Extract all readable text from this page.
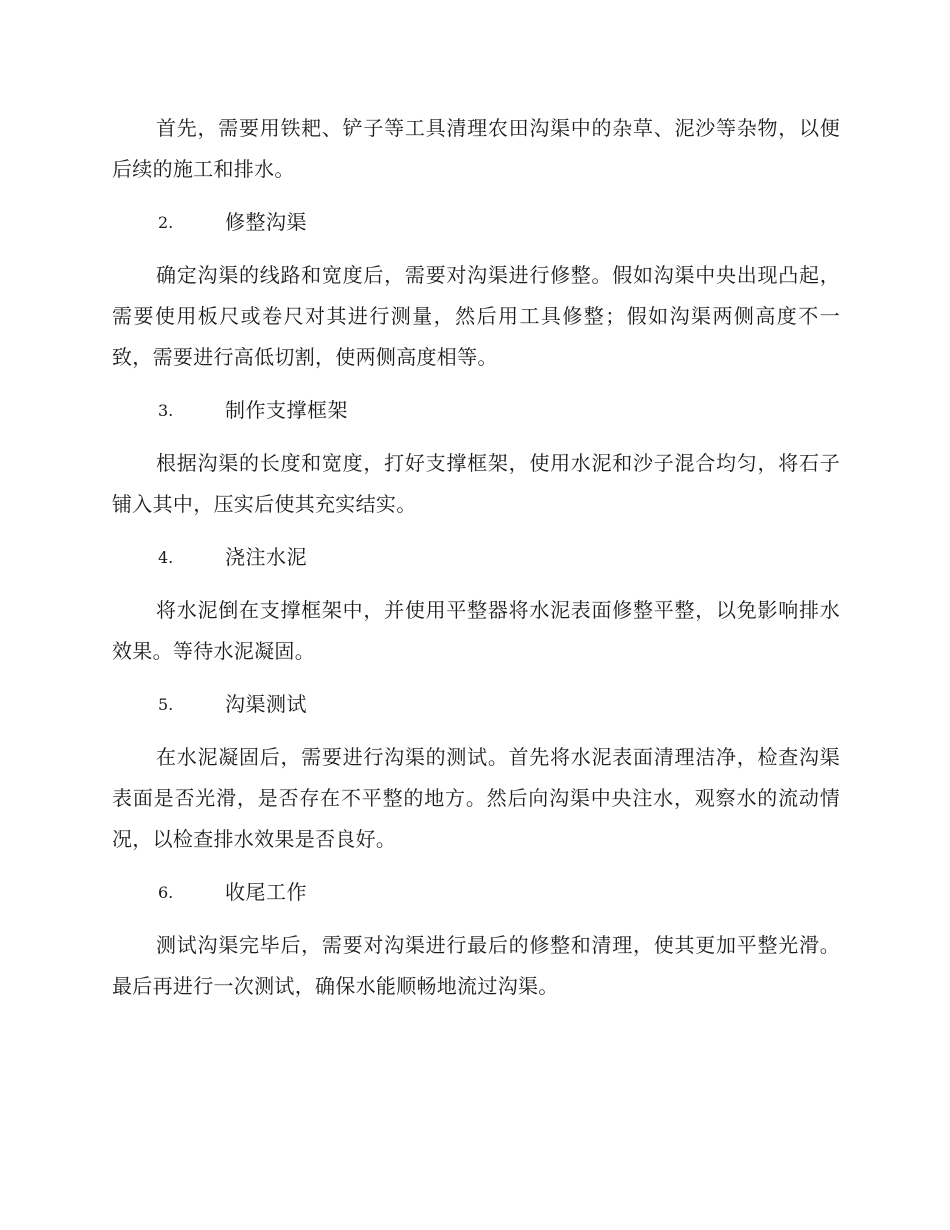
首先，需要用铁耙、铲子等工具清理农田沟渠中的杂草、泥沙等杂物，以便后续的施工和排水。

2.	修整沟渠

确定沟渠的线路和宽度后，需要对沟渠进行修整。假如沟渠中央出现凸起，需要使用板尺或卷尺对其进行测量，然后用工具修整；假如沟渠两侧高度不一致，需要进行高低切割，使两侧高度相等。

3.	制作支撑框架

根据沟渠的长度和宽度，打好支撑框架，使用水泥和沙子混合均匀，将石子铺入其中，压实后使其充实结实。

4.	浇注水泥

将水泥倒在支撑框架中，并使用平整器将水泥表面修整平整，以免影响排水效果。等待水泥凝固。

5.	沟渠测试

在水泥凝固后，需要进行沟渠的测试。首先将水泥表面清理洁净，检查沟渠表面是否光滑，是否存在不平整的地方。然后向沟渠中央注水，观察水的流动情况，以检查排水效果是否良好。

6.	收尾工作

测试沟渠完毕后，需要对沟渠进行最后的修整和清理，使其更加平整光滑。最后再进行一次测试，确保水能顺畅地流过沟渠。
